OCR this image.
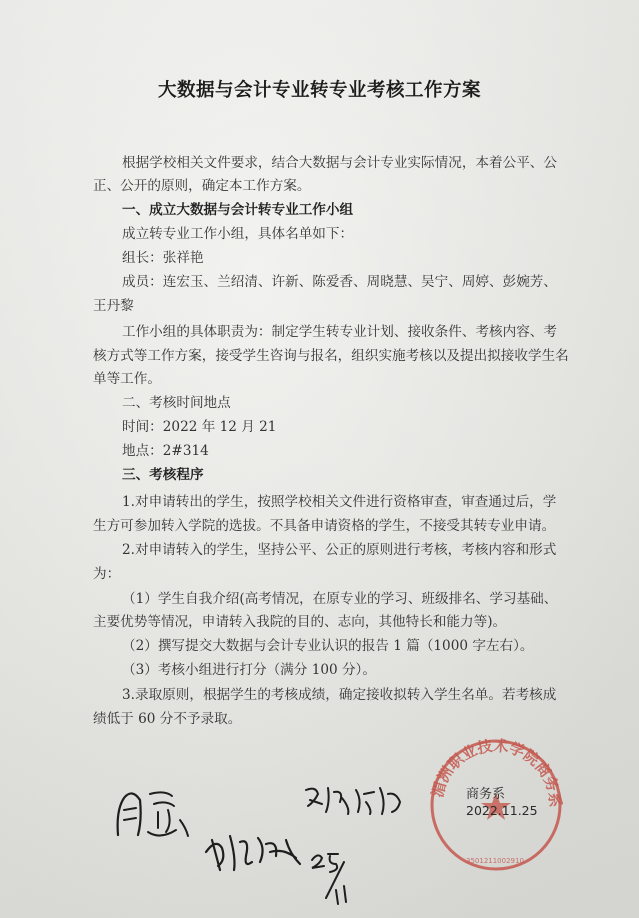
大数据与会计专业转专业考核工作方案
根据学校相关文件要求，结合大数据与会计专业实际情况，本着公平、公
正、公开的原则，确定本工作方案。
一、成立大数据与会计转专业工作小组
成立转专业工作小组，具体名单如下：
组长：张祥艳
成员：连宏玉、兰绍清、许新、陈爱香、周晓慧、吴宁、周婷、彭婉芳、
王丹黎
工作小组的具体职责为：制定学生转专业计划、接收条件、考核内容、考
核方式等工作方案，接受学生咨询与报名，组织实施考核以及提出拟接收学生名
单等工作。
二、考核时间地点
时间：2022 年 12 月 21
地点：2#314
三、考核程序
1.对申请转出的学生，按照学校相关文件进行资格审查，审查通过后，学
生方可参加转入学院的选拔。不具备申请资格的学生，不接受其转专业申请。
2.对申请转入的学生，坚持公平、公正的原则进行考核，考核内容和形式
为：
（1）学生自我介绍(高考情况，在原专业的学习、班级排名、学习基础、
主要优势等情况，申请转入我院的目的、志向，其他特长和能力等)。
（2）撰写提交大数据与会计专业认识的报告 1 篇（1000 字左右）。
（3）考核小组进行打分（满分 100 分）。
3.录取原则，根据学生的考核成绩，确定接收拟转入学生名单。若考核成
绩低于 60 分不予录取。
湄洲职业技术学院商务系
3501211002910
商务系
2022.11.25
